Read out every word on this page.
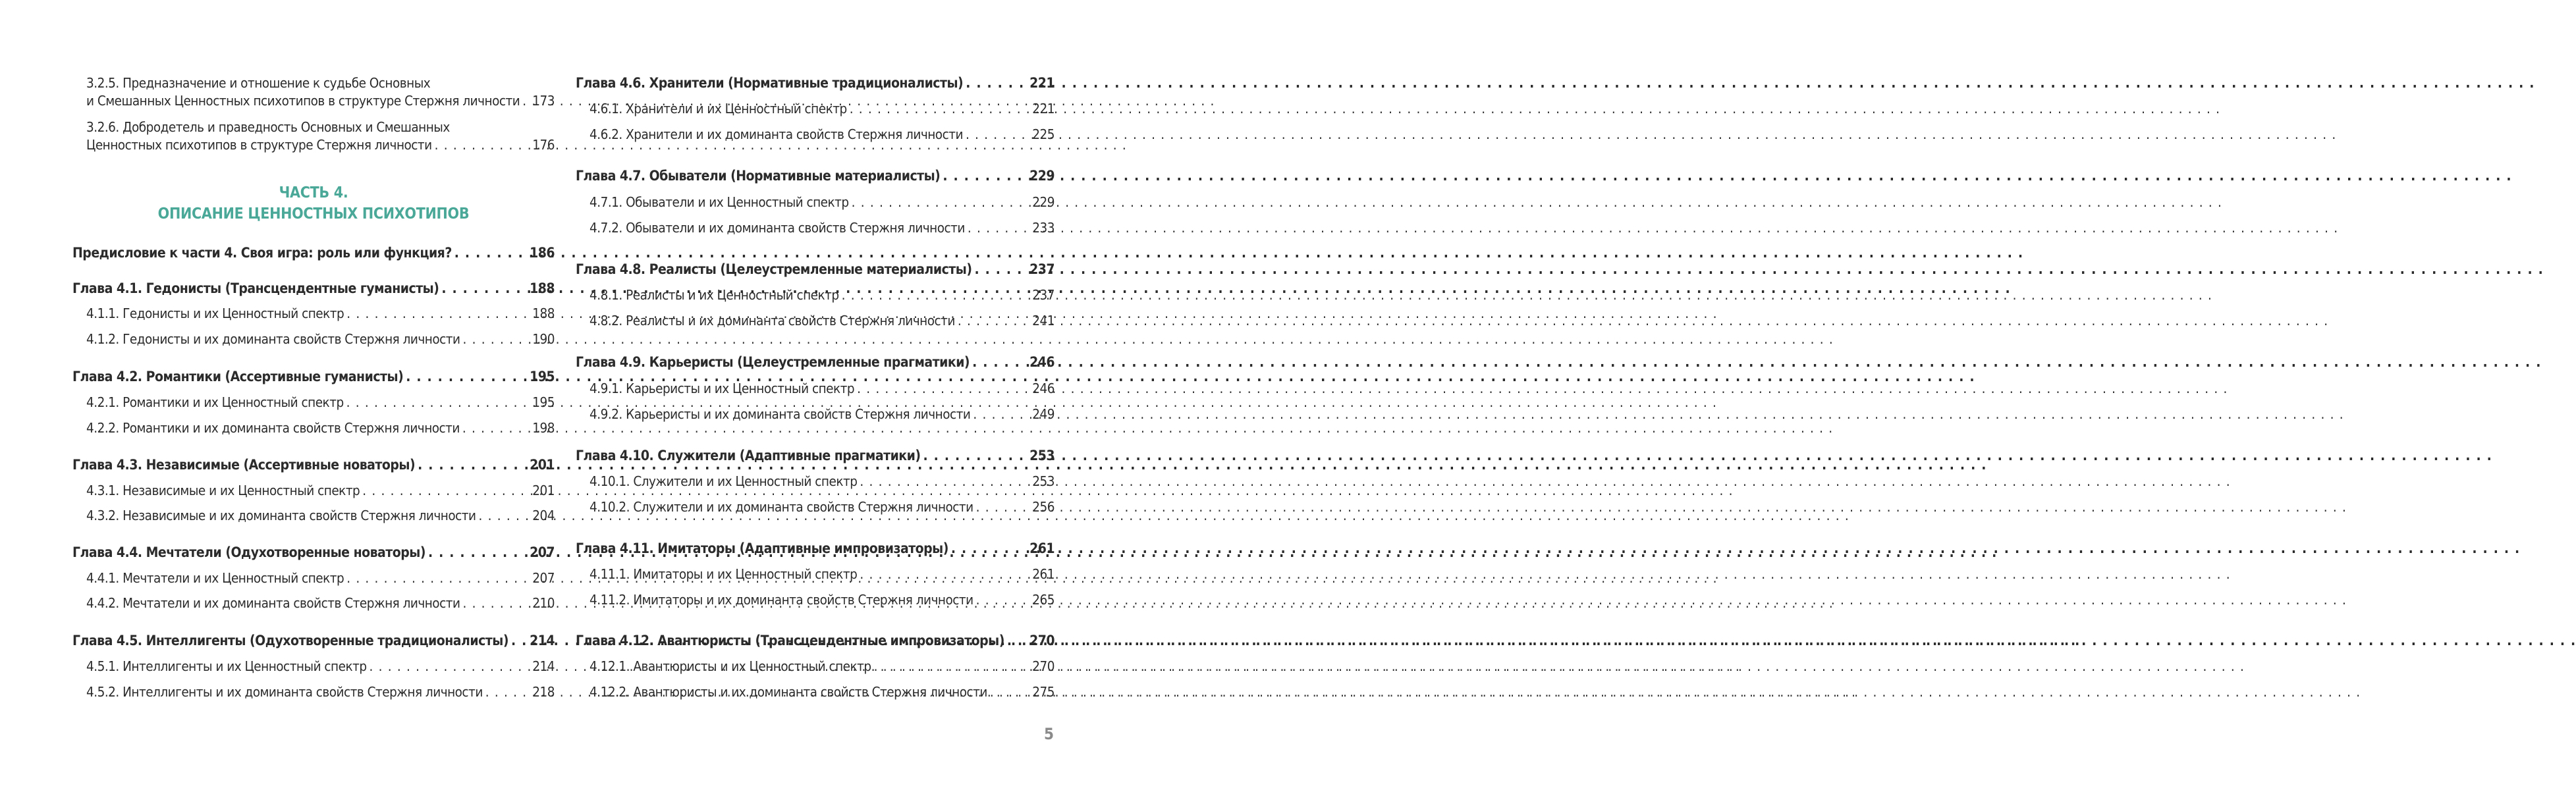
3.2.5. Предназначение и отношение к судьбе Основных
и Смешанных Ценностных психотипов в структуре Стержня личности . . . 173
3.2.6. Добродетель и праведность Основных и Смешанных
Ценностных психотипов в структуре Стержня личности . . .	176
ЧАСТЬ 4.
ОПИСАНИЕ ЦЕННОСТНЫХ ПСИХОТИПОВ
Предисловие к части 4. Своя игра: роль или функция? . . .	186
Глава 4.1. Гедонисты (Трансцендентные гуманисты) . . .	188
4.1.1. Гедонисты и их Ценностный спектр . . .	188
4.1.2. Гедонисты и их доминанта свойств Стержня личности . . .	190
Глава 4.2. Романтики (Ассертивные гуманисты) . . .	195
4.2.1. Романтики и их Ценностный спектр . . .	195
4.2.2. Романтики и их доминанта свойств Стержня личности . . .	198
Глава 4.3. Независимые (Ассертивные новаторы) . . .	201
4.3.1. Независимые и их Ценностный спектр . . .	201
4.3.2. Независимые и их доминанта свойств Стержня личности . . .	204
Глава 4.4. Мечтатели (Одухотворенные новаторы) . . .	207
4.4.1. Мечтатели и их Ценностный спектр . . .	207
4.4.2. Мечтатели и их доминанта свойств Стержня личности . . .	210
Глава 4.5. Интеллигенты (Одухотворенные традиционалисты) . . . 214
4.5.1. Интеллигенты и их Ценностный спектр . . .	214
4.5.2. Интеллигенты и их доминанта свойств Стержня личности . . .	218
Глава 4.6. Хранители (Нормативные традиционалисты) . . .	221
4.6.1. Хранители и их Ценностный спектр . . .	221
4.6.2. Хранители и их доминанта свойств Стержня личности . . .	225
Глава 4.7. Обыватели (Нормативные материалисты) . . .	229
4.7.1. Обыватели и их Ценностный спектр . . .	229
4.7.2. Обыватели и их доминанта свойств Стержня личности . . .	233
Глава 4.8. Реалисты (Целеустремленные материалисты) . . .	237
4.8.1. Реалисты и их Ценностный спектр . . .	237
4.8.2. Реалисты и их доминанта свойств Стержня личности . . .	241
Глава 4.9. Карьеристы (Целеустремленные прагматики) . . .	246
4.9.1. Карьеристы и их Ценностный спектр . . .	246
4.9.2. Карьеристы и их доминанта свойств Стержня личности . . .	249
Глава 4.10. Служители (Адаптивные прагматики) . . .	253
4.10.1. Служители и их Ценностный спектр . . .	253
4.10.2. Служители и их доминанта свойств Стержня личности . . .	256
Глава 4.11. Имитаторы (Адаптивные импровизаторы) . . .	261
4.11.1. Имитаторы и их Ценностный спектр . . .	261
4.11.2. Имитаторы и их доминанта свойств Стержня личности . . .	265
Глава 4.12. Авантюристы (Трансцендентные импровизаторы) . . . 270
4.12.1. Авантюристы и их Ценностный спектр . . .	270
4.12.2. Авантюристы и их доминанта свойств Стержня личности . . .	275
5
